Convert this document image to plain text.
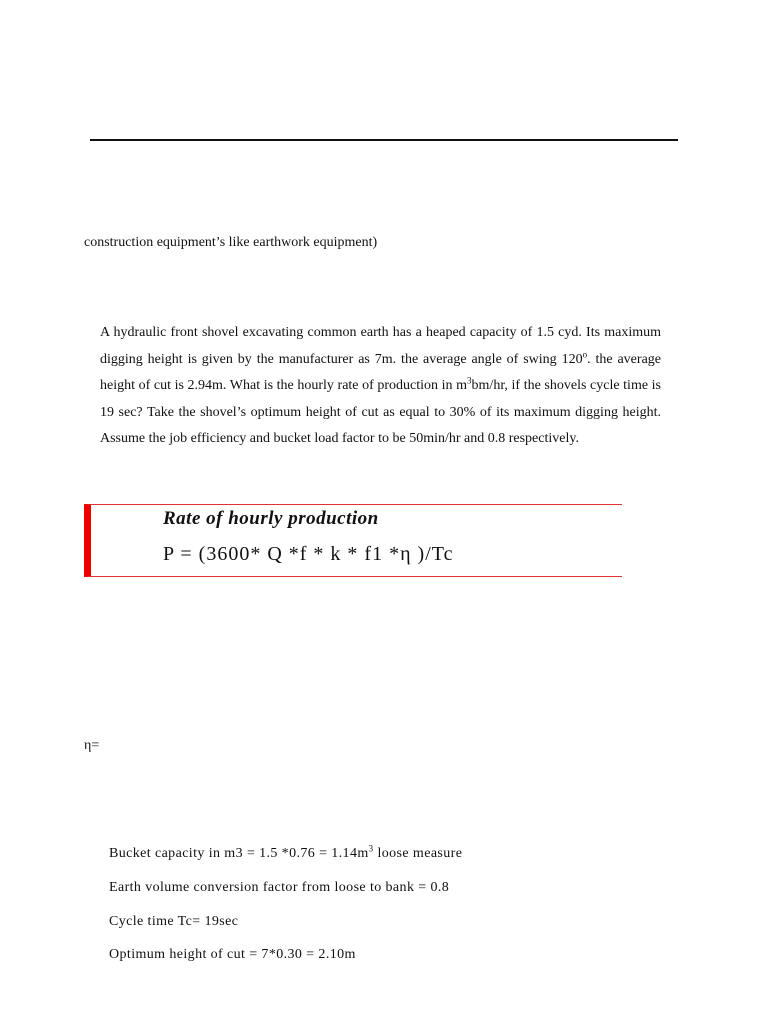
construction equipment’s like earthwork equipment)
A hydraulic front shovel excavating common earth has a heaped capacity of 1.5 cyd. Its maximum digging height is given by the manufacturer as 7m. the average angle of swing 120$^o$. the average height of cut is 2.94m. What is the hourly rate of production in $m^3bm/hr$, if the shovels cycle time is 19 sec? Take the shovel’s optimum height of cut as equal to 30% of its maximum digging height. Assume the job efficiency and bucket load factor to be 50min/hr and 0.8 respectively.
Rate of hourly production
P = (3600* Q *f * k * f1 *η )/Tc
η=
Bucket capacity in m3 = 1.5 $*0.76 = 1.14m^3$ loose measure
Earth volume conversion factor from loose to bank = 0.8
Cycle time Tc= 19sec
Optimum height of cut = 7*0.30 = 2.10m
